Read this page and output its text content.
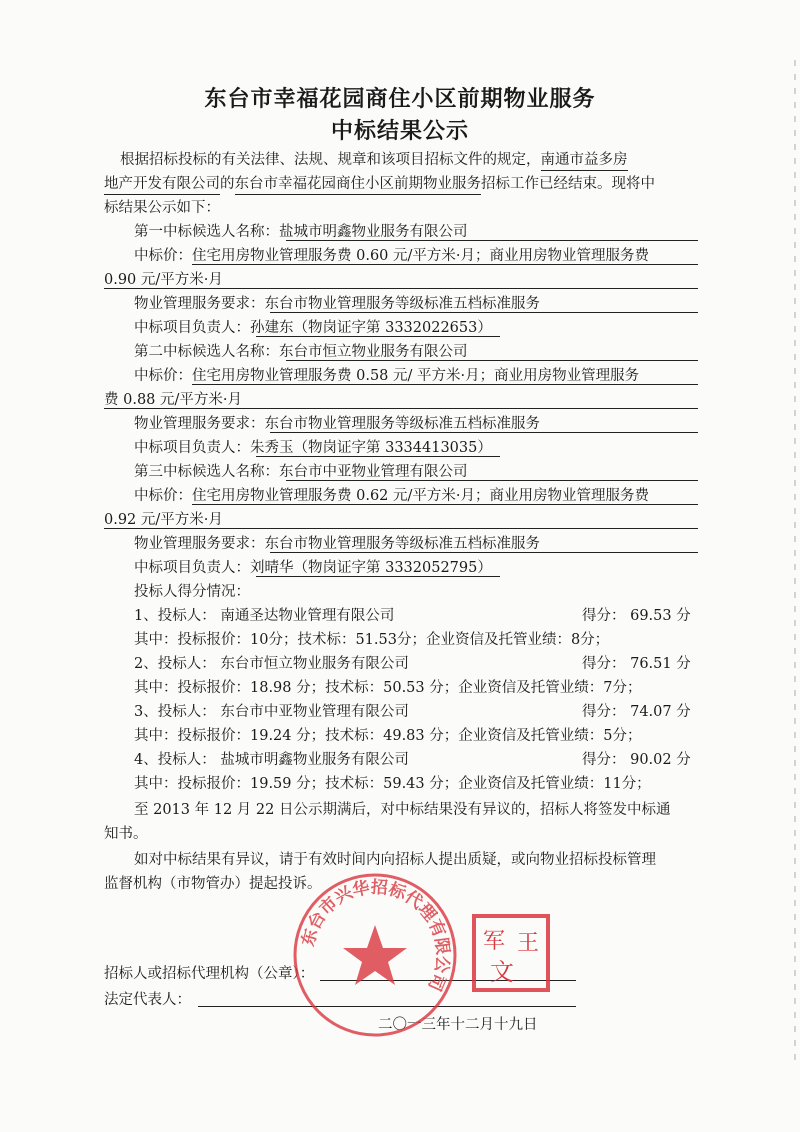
东台市幸福花园商住小区前期物业服务
中标结果公示
根据招标投标的有关法律、法规、规章和该项目招标文件的规定，南通市益多房
地产开发有限公司的东台市幸福花园商住小区前期物业服务招标工作已经结束。现将中
标结果公示如下：
第一中标候选人名称：盐城市明鑫物业服务有限公司
中标价：住宅用房物业管理服务费 0.60 元/平方米·月；商业用房物业管理服务费
0.90 元/平方米·月
物业管理服务要求：东台市物业管理服务等级标准五档标准服务
中标项目负责人：孙建东（物岗证字第 3332022653）
第二中标候选人名称：东台市恒立物业服务有限公司
中标价：住宅用房物业管理服务费 0.58 元/ 平方米·月；商业用房物业管理服务
费 0.88 元/平方米·月
物业管理服务要求：东台市物业管理服务等级标准五档标准服务
中标项目负责人：朱秀玉（物岗证字第 3334413035）
第三中标候选人名称：东台市中亚物业管理有限公司
中标价：住宅用房物业管理服务费 0.62 元/平方米·月；商业用房物业管理服务费
0.92 元/平方米·月
物业管理服务要求：东台市物业管理服务等级标准五档标准服务
中标项目负责人：刘晴华（物岗证字第 3332052795）
投标人得分情况：
1、投标人： 南通圣达物业管理有限公司	得分： 69.53 分
其中：投标报价：10分；技术标：51.53分；企业资信及托管业绩：8分；
2、投标人： 东台市恒立物业服务有限公司	得分： 76.51 分
其中：投标报价：18.98 分；技术标：50.53 分；企业资信及托管业绩：7分；
3、投标人： 东台市中亚物业管理有限公司	得分： 74.07 分
其中：投标报价：19.24 分；技术标：49.83 分；企业资信及托管业绩：5分；
4、投标人： 盐城市明鑫物业服务有限公司	得分： 90.02 分
其中：投标报价：19.59 分；技术标：59.43 分；企业资信及托管业绩：11分；
至 2013 年 12 月 22 日公示期满后，对中标结果没有异议的，招标人将签发中标通
知书。
如对中标结果有异议，请于有效时间内向招标人提出质疑，或向物业招标投标管理
监督机构（市物管办）提起投诉。
招标人或招标代理机构（公章）：
法定代表人：
二〇一三年十二月十九日
东台市兴华招标代理有限公司
王
军
文
